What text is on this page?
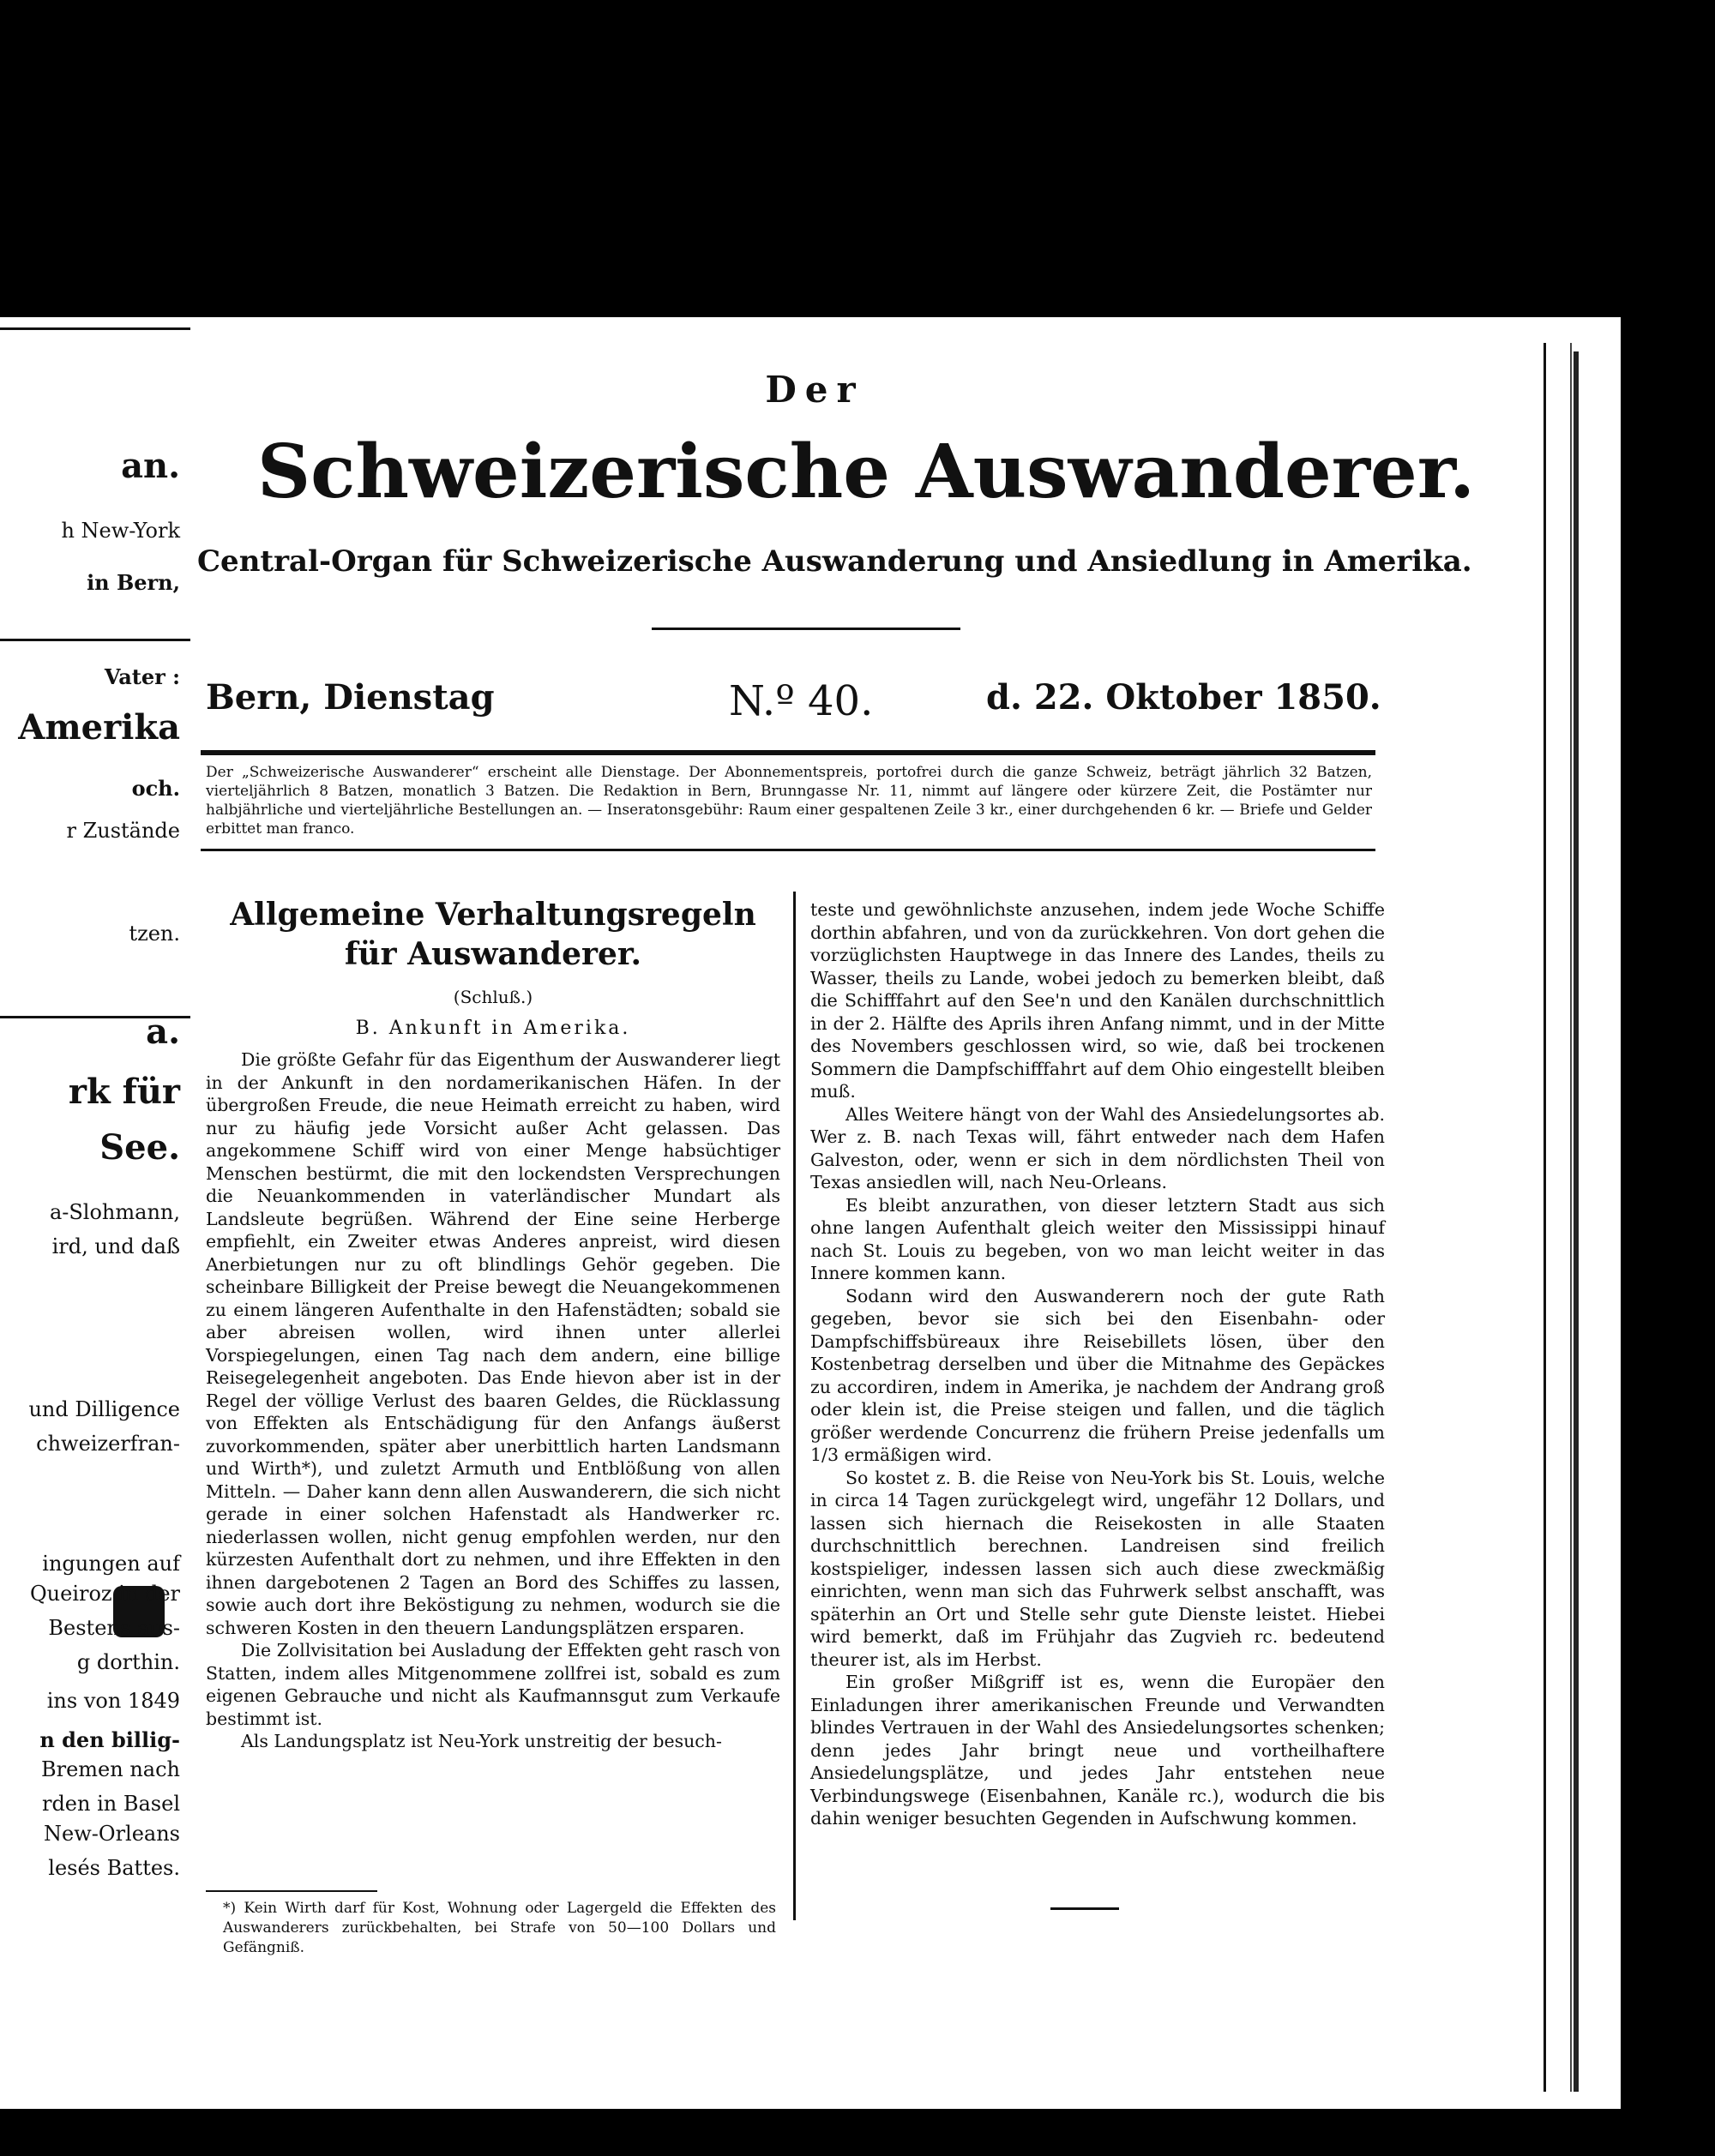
an.
h New-York
in Bern,
Vater :
Amerika
och.
r Zustände
tzen.
a.
rk für
See.
a-Slohmann,
ird, und daß
und Dilligence
chweizerfran-
ingungen auf
Queiroz in der
Bestens aus-
g dorthin.
ins von 1849
n den billig-
Bremen nach
rden in Basel
New-Orleans
lesés Battes.
Der
Schweizerische Auswanderer.
Central-Organ für Schweizerische Auswanderung und Ansiedlung in Amerika.
Bern, Dienstag	N.º 40.	d. 22. Oktober 1850.
Der „Schweizerische Auswanderer“ erscheint alle Dienstage. Der Abonnementspreis, portofrei durch die ganze Schweiz, beträgt jährlich 32 Batzen, vierteljährlich 8 Batzen, monatlich 3 Batzen. Die Redaktion in Bern, Brunngasse Nr. 11, nimmt auf längere oder kürzere Zeit, die Postämter nur halbjährliche und vierteljährliche Bestellungen an. — Inseratonsgebühr: Raum einer gespaltenen Zeile 3 kr., einer durchgehenden 6 kr. — Briefe und Gelder erbittet man franco.
Allgemeine Verhaltungsregeln für Auswanderer.
(Schluß.)
B. Ankunft in Amerika.

Die größte Gefahr für das Eigenthum der Auswanderer liegt in der Ankunft in den nordamerikanischen Häfen. In der übergroßen Freude, die neue Heimath erreicht zu haben, wird nur zu häufig jede Vorsicht außer Acht gelassen. Das angekommene Schiff wird von einer Menge habsüchtiger Menschen bestürmt, die mit den lockendsten Versprechungen die Neuankommenden in vaterländischer Mundart als Landsleute begrüßen. Während der Eine seine Herberge empfiehlt, ein Zweiter etwas Anderes anpreist, wird diesen Anerbietungen nur zu oft blindlings Gehör gegeben. Die scheinbare Billigkeit der Preise bewegt die Neuangekommenen zu einem längeren Aufenthalte in den Hafenstädten; sobald sie aber abreisen wollen, wird ihnen unter allerlei Vorspiegelungen, einen Tag nach dem andern, eine billige Reisegelegenheit angeboten. Das Ende hievon aber ist in der Regel der völlige Verlust des baaren Geldes, die Rücklassung von Effekten als Entschädigung für den Anfangs äußerst zuvorkommenden, später aber unerbittlich harten Landsmann und Wirth*), und zuletzt Armuth und Entblößung von allen Mitteln. — Daher kann denn allen Auswanderern, die sich nicht gerade in einer solchen Hafenstadt als Handwerker rc. niederlassen wollen, nicht genug empfohlen werden, nur den kürzesten Aufenthalt dort zu nehmen, und ihre Effekten in den ihnen dargebotenen 2 Tagen an Bord des Schiffes zu lassen, sowie auch dort ihre Beköstigung zu nehmen, wodurch sie die schweren Kosten in den theuern Landungsplätzen ersparen.

Die Zollvisitation bei Ausladung der Effekten geht rasch von Statten, indem alles Mitgenommene zollfrei ist, sobald es zum eigenen Gebrauche und nicht als Kaufmannsgut zum Verkaufe bestimmt ist.

Als Landungsplatz ist Neu-York unstreitig der besuch-

teste und gewöhnlichste anzusehen, indem jede Woche Schiffe dorthin abfahren, und von da zurückkehren. Von dort gehen die vorzüglichsten Hauptwege in das Innere des Landes, theils zu Wasser, theils zu Lande, wobei jedoch zu bemerken bleibt, daß die Schifffahrt auf den See'n und den Kanälen durchschnittlich in der 2. Hälfte des Aprils ihren Anfang nimmt, und in der Mitte des Novembers geschlossen wird, so wie, daß bei trockenen Sommern die Dampfschifffahrt auf dem Ohio eingestellt bleiben muß.

Alles Weitere hängt von der Wahl des Ansiedelungsortes ab. Wer z. B. nach Texas will, fährt entweder nach dem Hafen Galveston, oder, wenn er sich in dem nördlichsten Theil von Texas ansiedlen will, nach Neu-Orleans.

Es bleibt anzurathen, von dieser letztern Stadt aus sich ohne langen Aufenthalt gleich weiter den Mississippi hinauf nach St. Louis zu begeben, von wo man leicht weiter in das Innere kommen kann.

Sodann wird den Auswanderern noch der gute Rath gegeben, bevor sie sich bei den Eisenbahn- oder Dampfschiffsbüreaux ihre Reisebillets lösen, über den Kostenbetrag derselben und über die Mitnahme des Gepäckes zu accordiren, indem in Amerika, je nachdem der Andrang groß oder klein ist, die Preise steigen und fallen, und die täglich größer werdende Concurrenz die frühern Preise jedenfalls um 1/3 ermäßigen wird.

So kostet z. B. die Reise von Neu-York bis St. Louis, welche in circa 14 Tagen zurückgelegt wird, ungefähr 12 Dollars, und lassen sich hiernach die Reisekosten in alle Staaten durchschnittlich berechnen. Landreisen sind freilich kostspieliger, indessen lassen sich auch diese zweckmäßig einrichten, wenn man sich das Fuhrwerk selbst anschafft, was späterhin an Ort und Stelle sehr gute Dienste leistet. Hiebei wird bemerkt, daß im Frühjahr das Zugvieh rc. bedeutend theurer ist, als im Herbst.

Ein großer Mißgriff ist es, wenn die Europäer den Einladungen ihrer amerikanischen Freunde und Verwandten blindes Vertrauen in der Wahl des Ansiedelungsortes schenken; denn jedes Jahr bringt neue und vortheilhaftere Ansiedelungsplätze, und jedes Jahr entstehen neue Verbindungswege (Eisenbahnen, Kanäle rc.), wodurch die bis dahin weniger besuchten Gegenden in Aufschwung kommen.

*) Kein Wirth darf für Kost, Wohnung oder Lagergeld die Effekten des Auswanderers zurückbehalten, bei Strafe von 50—100 Dollars und Gefängniß.
